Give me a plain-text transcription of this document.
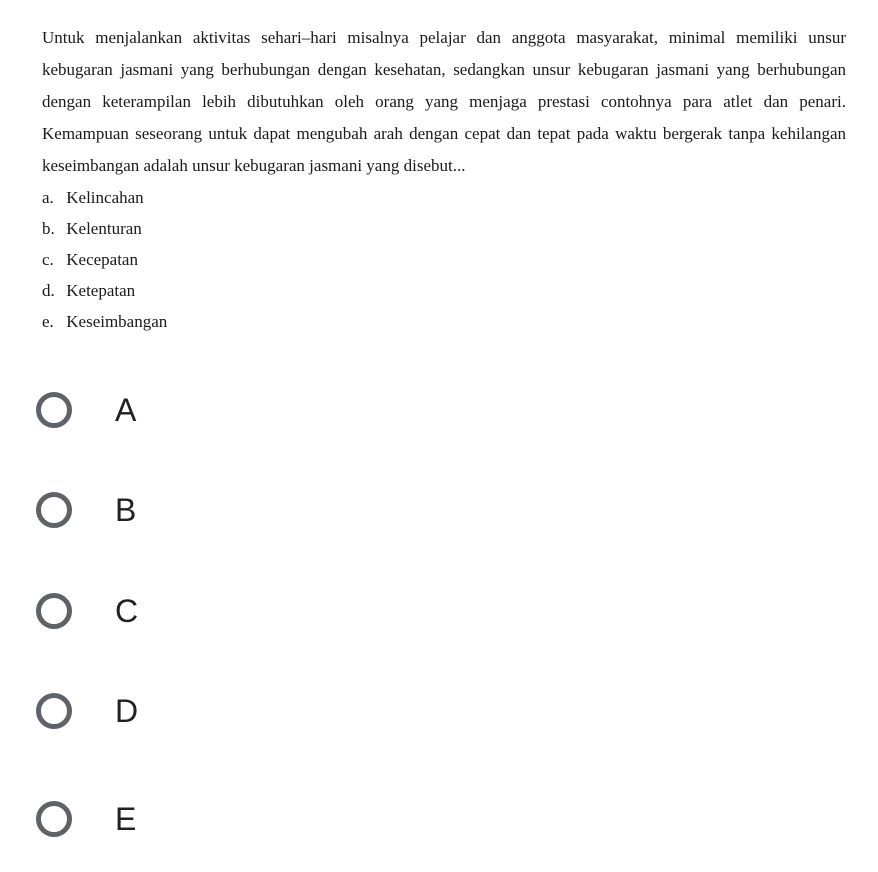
Untuk menjalankan aktivitas sehari–hari misalnya pelajar dan anggota masyarakat, minimal memiliki unsur kebugaran jasmani yang berhubungan dengan kesehatan, sedangkan unsur kebugaran jasmani yang berhubungan dengan keterampilan lebih dibutuhkan oleh orang yang menjaga prestasi contohnya para atlet dan penari. Kemampuan seseorang untuk dapat mengubah arah dengan cepat dan tepat pada waktu bergerak tanpa kehilangan keseimbangan adalah unsur kebugaran jasmani yang disebut...

a. Kelincahan
b. Kelenturan
c. Kecepatan
d. Ketepatan
e. Keseimbangan
A
B
C
D
E
